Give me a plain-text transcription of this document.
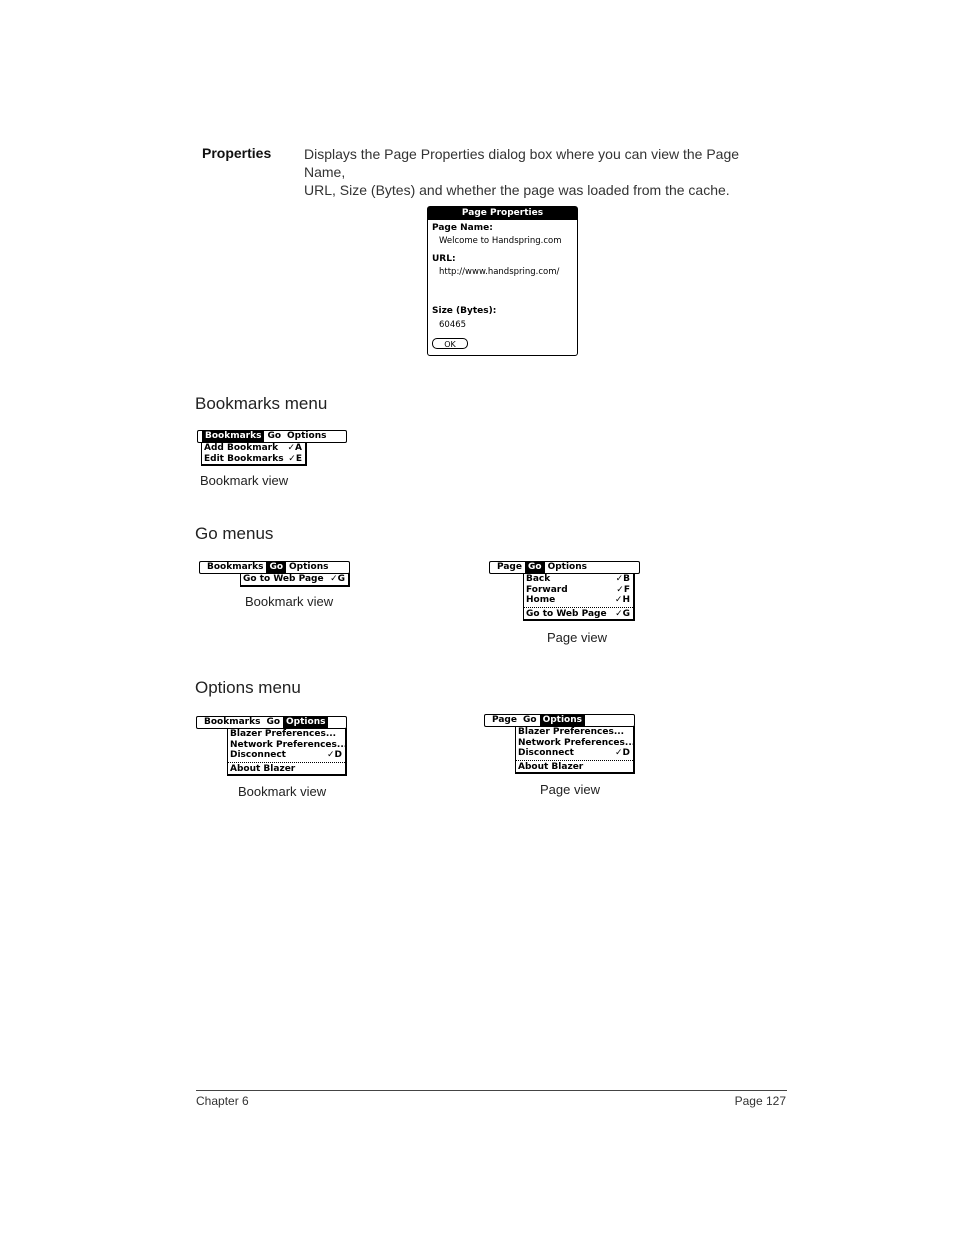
Properties Displays the Page Properties dialog box where you can view the Page Name,
URL, Size (Bytes) and whether the page was loaded from the cache.
Page Properties
Page Name:
Welcome to Handspring.com
URL:
http://www.handspring.com/
Size (Bytes):
60465
OK
Bookmarks menu
Bookmarks Go Options
Add Bookmark ✓A
Edit Bookmarks ✓E
Bookmark view
Go menus
Bookmarks Go Options
Go to Web Page ✓G
Bookmark view
Page Go Options
Back	✓B
Forward	✓F
Home	✓H
Go to Web Page ✓G
Page view
Options menu
Bookmarks Go Options
Blazer Preferences...
Network Preferences...
Disconnect	✓D
About Blazer
Bookmark view
Page Go Options
Blazer Preferences...
Network Preferences...
Disconnect	✓D
About Blazer
Page view
Chapter 6	Page 127
